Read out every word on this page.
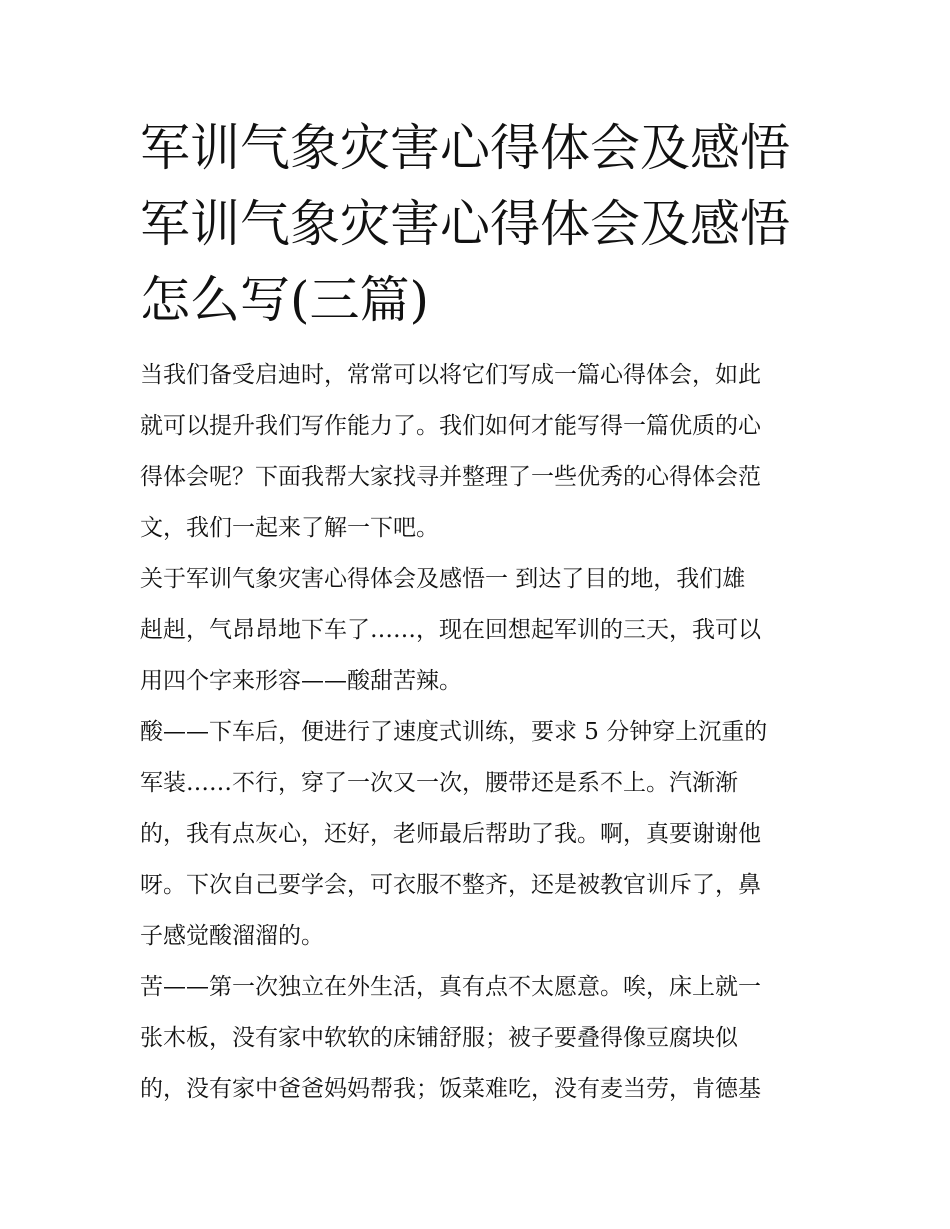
军训气象灾害心得体会及感悟
军训气象灾害心得体会及感悟
怎么写(三篇)

当我们备受启迪时，常常可以将它们写成一篇心得体会，如此
就可以提升我们写作能力了。我们如何才能写得一篇优质的心
得体会呢？下面我帮大家找寻并整理了一些优秀的心得体会范
文，我们一起来了解一下吧。

关于军训气象灾害心得体会及感悟一 到达了目的地，我们雄
赳赳，气昂昂地下车了……，现在回想起军训的三天，我可以
用四个字来形容——酸甜苦辣。

酸——下车后，便进行了速度式训练，要求 5 分钟穿上沉重的
军装……不行，穿了一次又一次，腰带还是系不上。汽渐渐
的，我有点灰心，还好，老师最后帮助了我。啊，真要谢谢他
呀。下次自己要学会，可衣服不整齐，还是被教官训斥了，鼻
子感觉酸溜溜的。

苦——第一次独立在外生活，真有点不太愿意。唉，床上就一
张木板，没有家中软软的床铺舒服；被子要叠得像豆腐块似
的，没有家中爸爸妈妈帮我；饭菜难吃，没有麦当劳，肯德基
